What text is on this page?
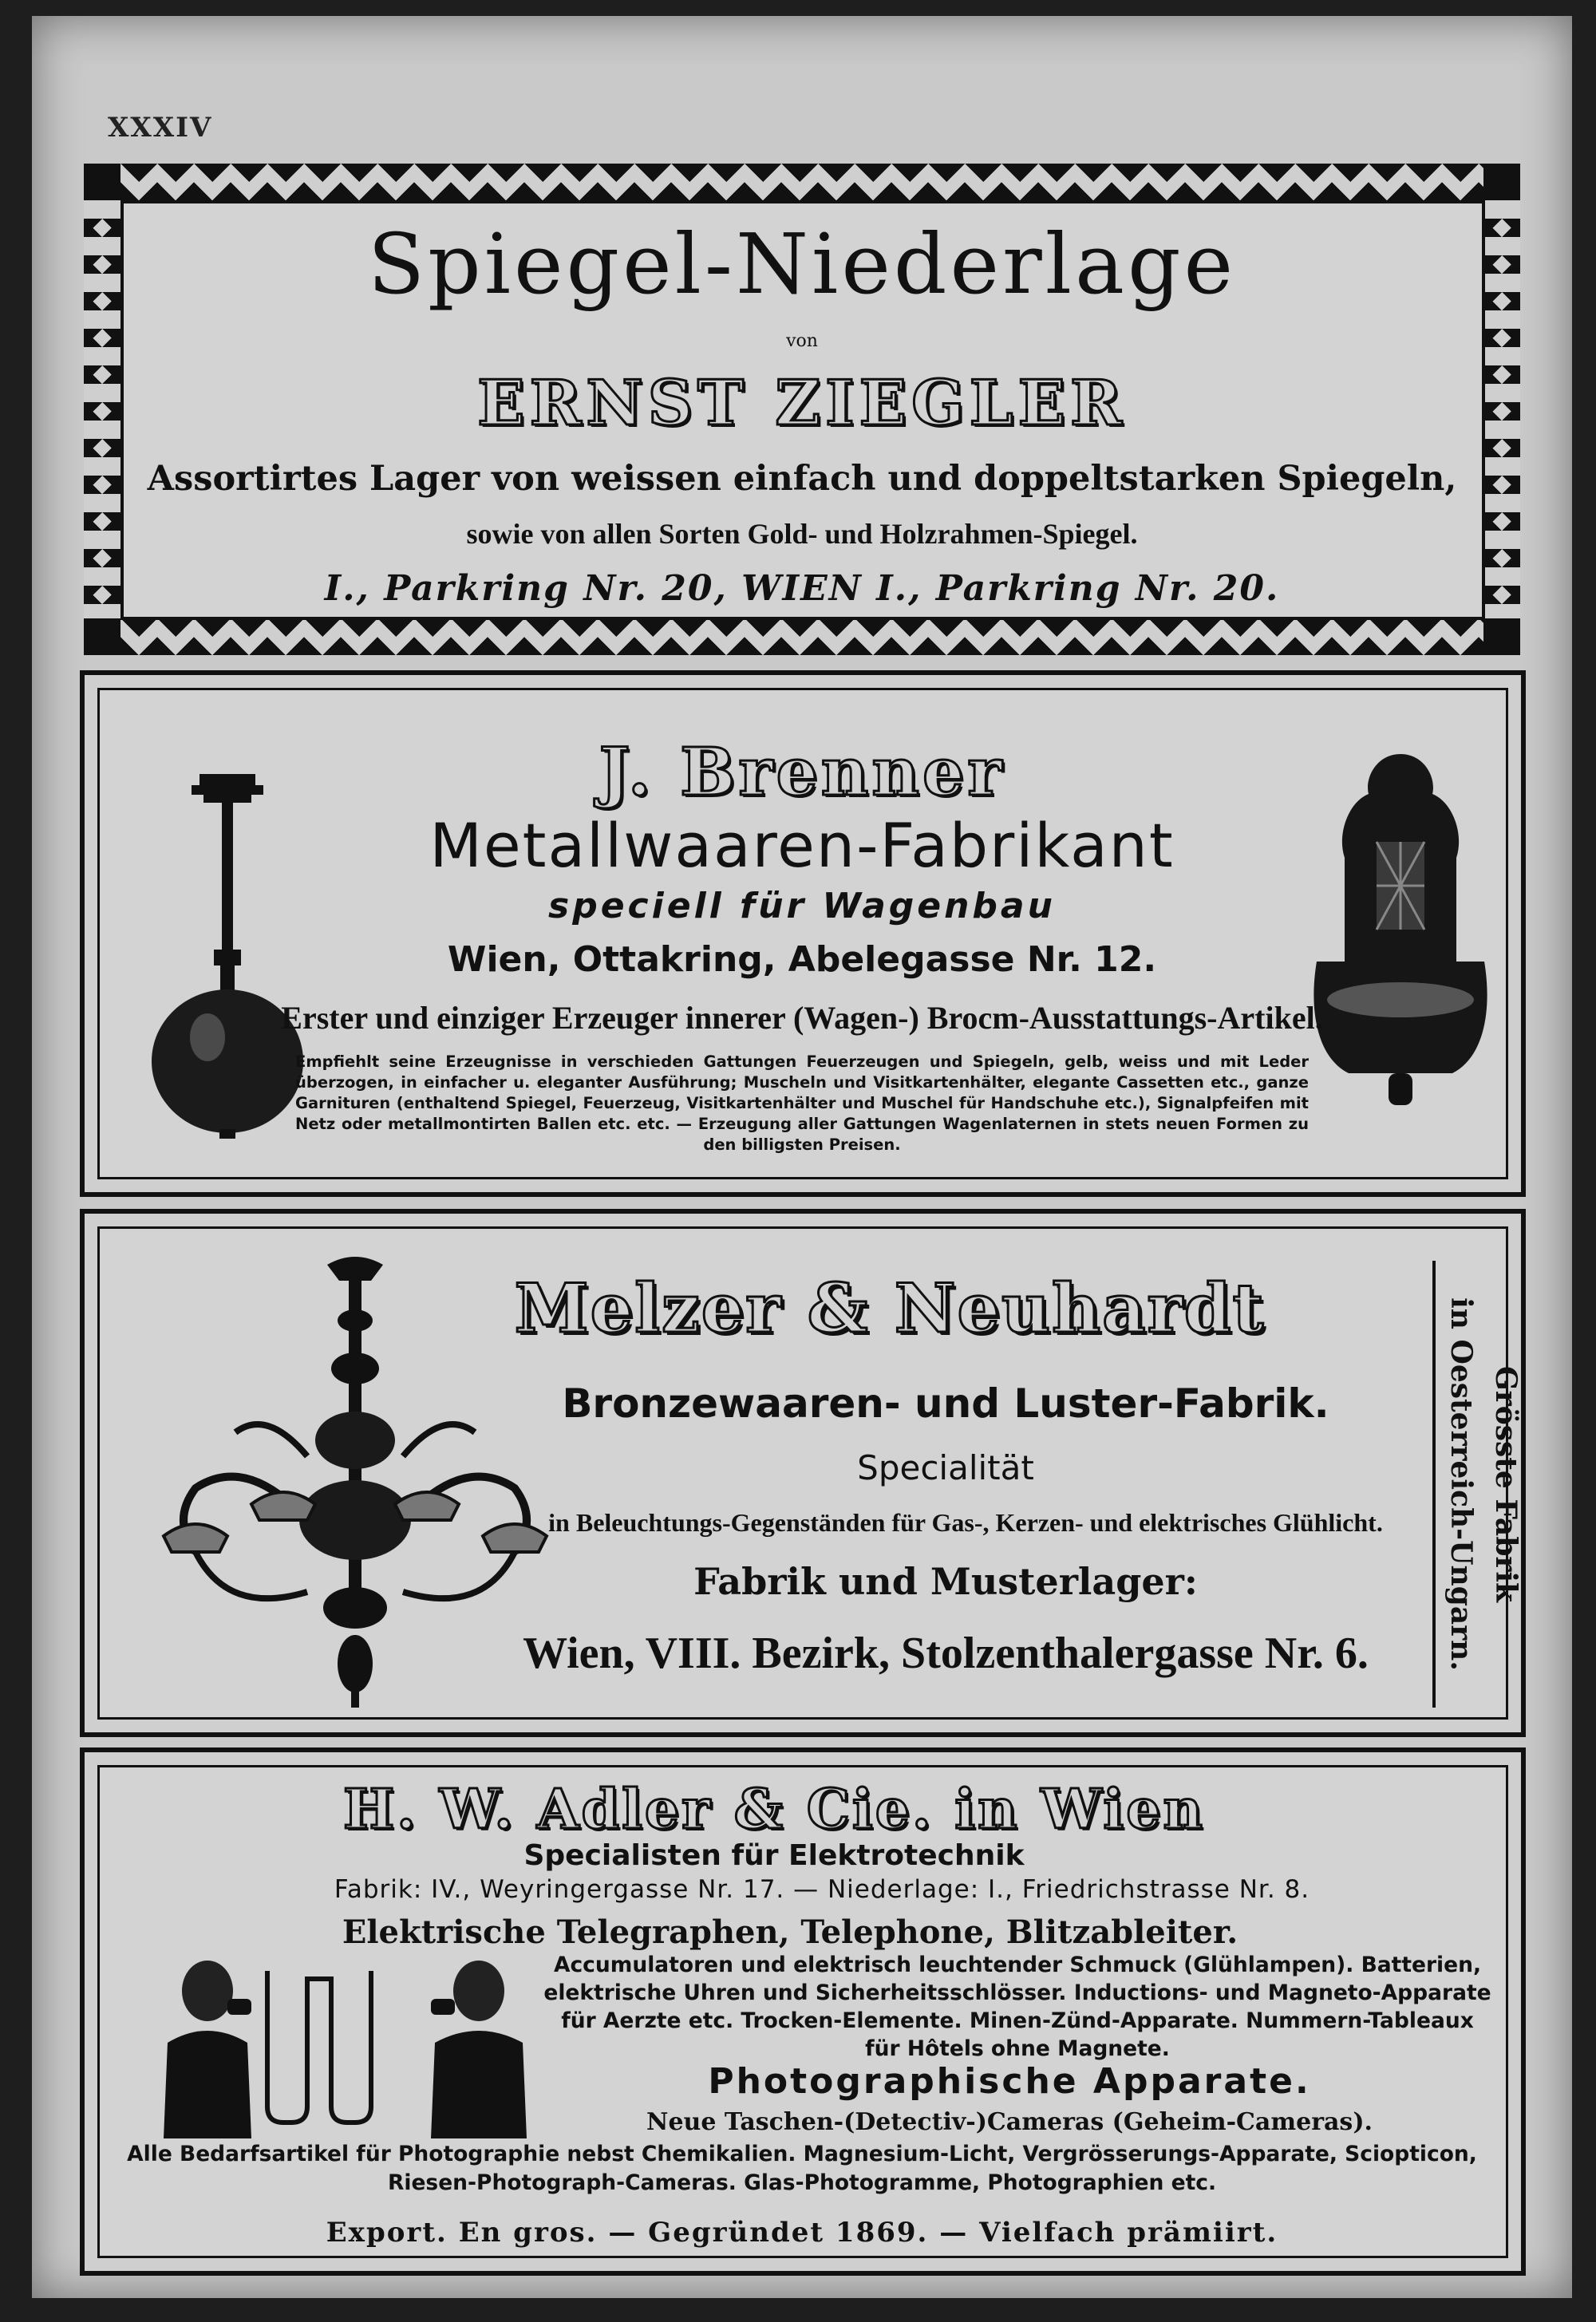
XXXIV
Spiegel-Niederlage
von
ERNST ZIEGLER
Assortirtes Lager von weissen einfach und doppeltstarken Spiegeln,
sowie von allen Sorten Gold- und Holzrahmen-Spiegel.
I., Parkring Nr. 20, WIEN I., Parkring Nr. 20.
J. Brenner
Metallwaaren-Fabrikant
speciell für Wagenbau
Wien, Ottakring, Abelegasse Nr. 12.
Erster und einziger Erzeuger innerer (Wagen-) Brocm-Ausstattungs-Artikel.
Empfiehlt seine Erzeugnisse in verschieden Gattungen Feuerzeugen und Spiegeln, gelb, weiss und mit Leder überzogen, in einfacher u. eleganter Ausführung; Muscheln und Visitkartenhälter, elegante Cassetten etc., ganze Garnituren (enthaltend Spiegel, Feuerzeug, Visitkartenhälter und Muschel für Handschuhe etc.), Signalpfeifen mit Netz oder metallmontirten Ballen etc. etc. — Erzeugung aller Gattungen Wagenlaternen in stets neuen Formen zu den billigsten Preisen.
Melzer & Neuhardt
Bronzewaaren- und Luster-Fabrik.
Specialität
in Beleuchtungs-Gegenständen für Gas-, Kerzen- und elektrisches Glühlicht.
Fabrik und Musterlager:
Wien, VIII. Bezirk, Stolzenthalergasse Nr. 6.
Grösste Fabrik
in Oesterreich-Ungarn.
H. W. Adler & Cie. in Wien
Specialisten für Elektrotechnik
Fabrik: IV., Weyringergasse Nr. 17. — Niederlage: I., Friedrichstrasse Nr. 8.
Elektrische Telegraphen, Telephone, Blitzableiter.
Accumulatoren und elektrisch leuchtender Schmuck (Glühlampen). Batterien, elektrische Uhren und Sicherheitsschlösser. Inductions- und Magneto-Apparate für Aerzte etc. Trocken-Elemente. Minen-Zünd-Apparate. Nummern-Tableaux für Hôtels ohne Magnete.
Photographische Apparate.
Neue Taschen-(Detectiv-)Cameras (Geheim-Cameras).
Alle Bedarfsartikel für Photographie nebst Chemikalien. Magnesium-Licht, Vergrösserungs-Apparate, Sciopticon, Riesen-Photograph-Cameras. Glas-Photogramme, Photographien etc.
Export. En gros. — Gegründet 1869. — Vielfach prämiirt.
